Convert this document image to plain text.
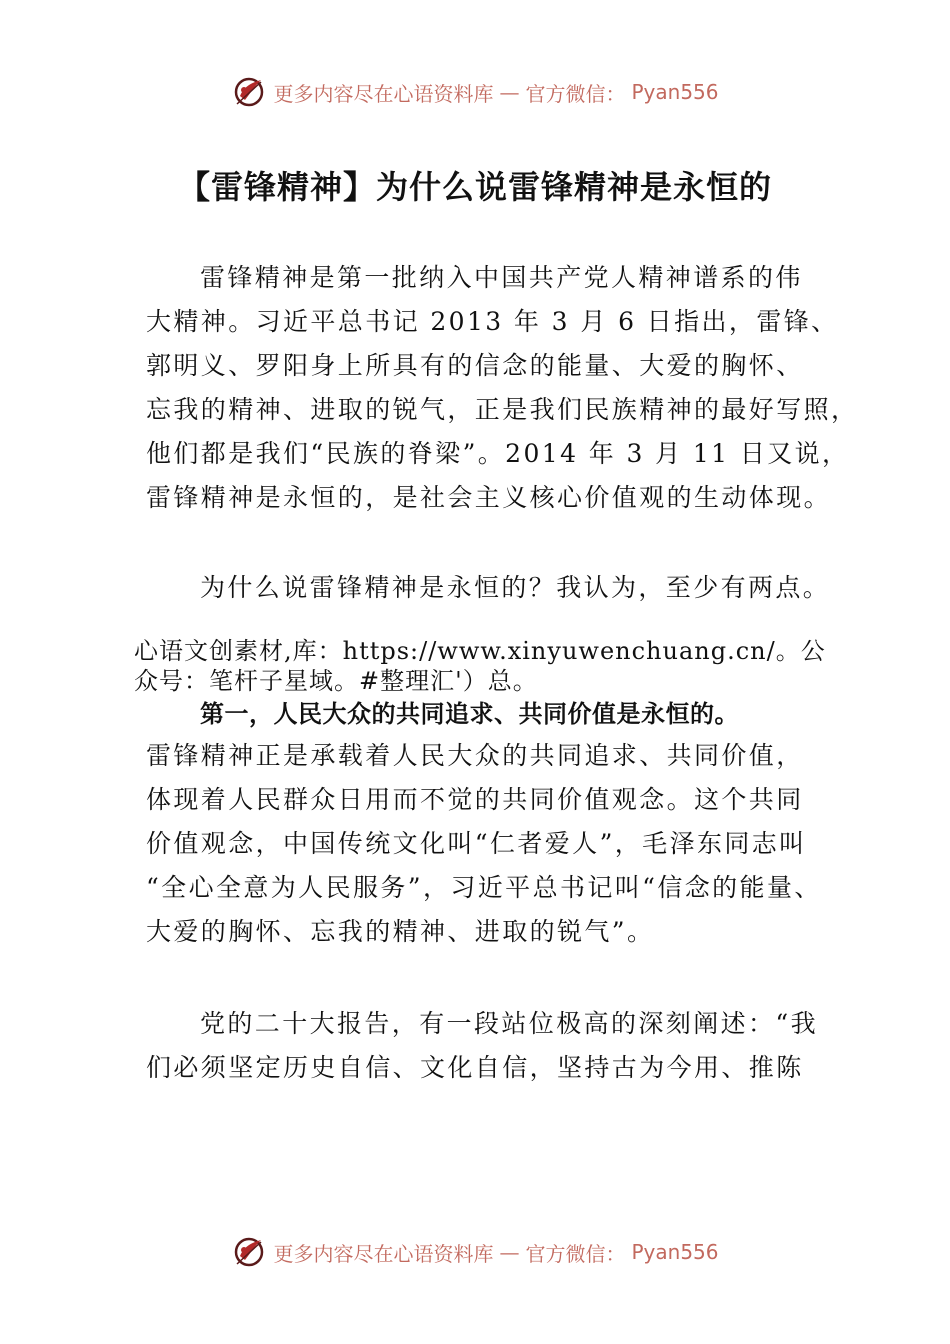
更多内容尽在心语资料库 — 官方微信： Pyan556
【雷锋精神】为什么说雷锋精神是永恒的
雷锋精神是第一批纳入中国共产党人精神谱系的伟
大精神。习近平总书记 2013 年 3 月 6 日指出，雷锋、
郭明义、罗阳身上所具有的信念的能量、大爱的胸怀、
忘我的精神、进取的锐气，正是我们民族精神的最好写照，
他们都是我们“民族的脊梁”。2014 年 3 月 11 日又说，
雷锋精神是永恒的，是社会主义核心价值观的生动体现。
为什么说雷锋精神是永恒的？我认为，至少有两点。
心语文创素材,库：https://www.xinyuwenchuang.cn/。公
众号：笔杆子星域。#整理汇'）总。
第一，人民大众的共同追求、共同价值是永恒的。
雷锋精神正是承载着人民大众的共同追求、共同价值，
体现着人民群众日用而不觉的共同价值观念。这个共同
价值观念，中国传统文化叫“仁者爱人”，毛泽东同志叫
“全心全意为人民服务”，习近平总书记叫“信念的能量、
大爱的胸怀、忘我的精神、进取的锐气”。
党的二十大报告，有一段站位极高的深刻阐述：“我
们必须坚定历史自信、文化自信，坚持古为今用、推陈
更多内容尽在心语资料库 — 官方微信： Pyan556
